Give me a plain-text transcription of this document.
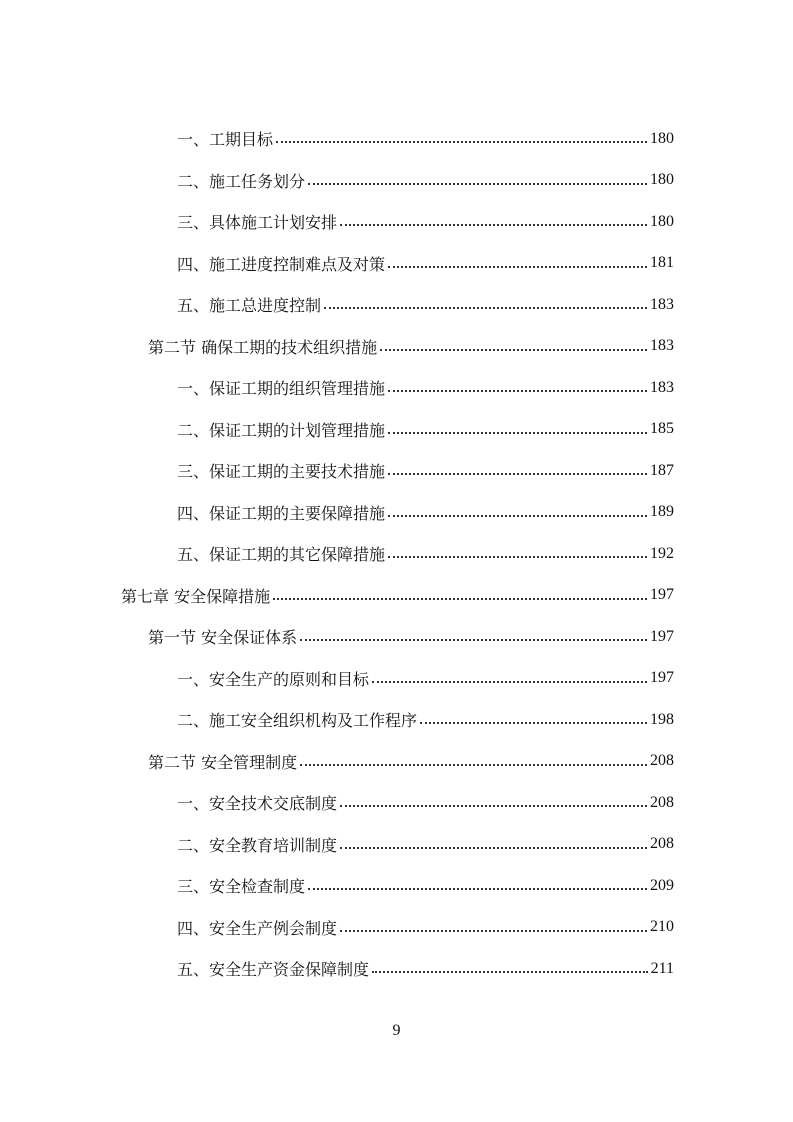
一、工期目标	180
二、施工任务划分	180
三、具体施工计划安排	180
四、施工进度控制难点及对策	181
五、施工总进度控制	183
第二节 确保工期的技术组织措施	183
一、保证工期的组织管理措施	183
二、保证工期的计划管理措施	185
三、保证工期的主要技术措施	187
四、保证工期的主要保障措施	189
五、保证工期的其它保障措施	192
第七章 安全保障措施	197
第一节 安全保证体系	197
一、安全生产的原则和目标	197
二、施工安全组织机构及工作程序	198
第二节 安全管理制度	208
一、安全技术交底制度	208
二、安全教育培训制度	208
三、安全检查制度	209
四、安全生产例会制度	210
五、安全生产资金保障制度	211
9
